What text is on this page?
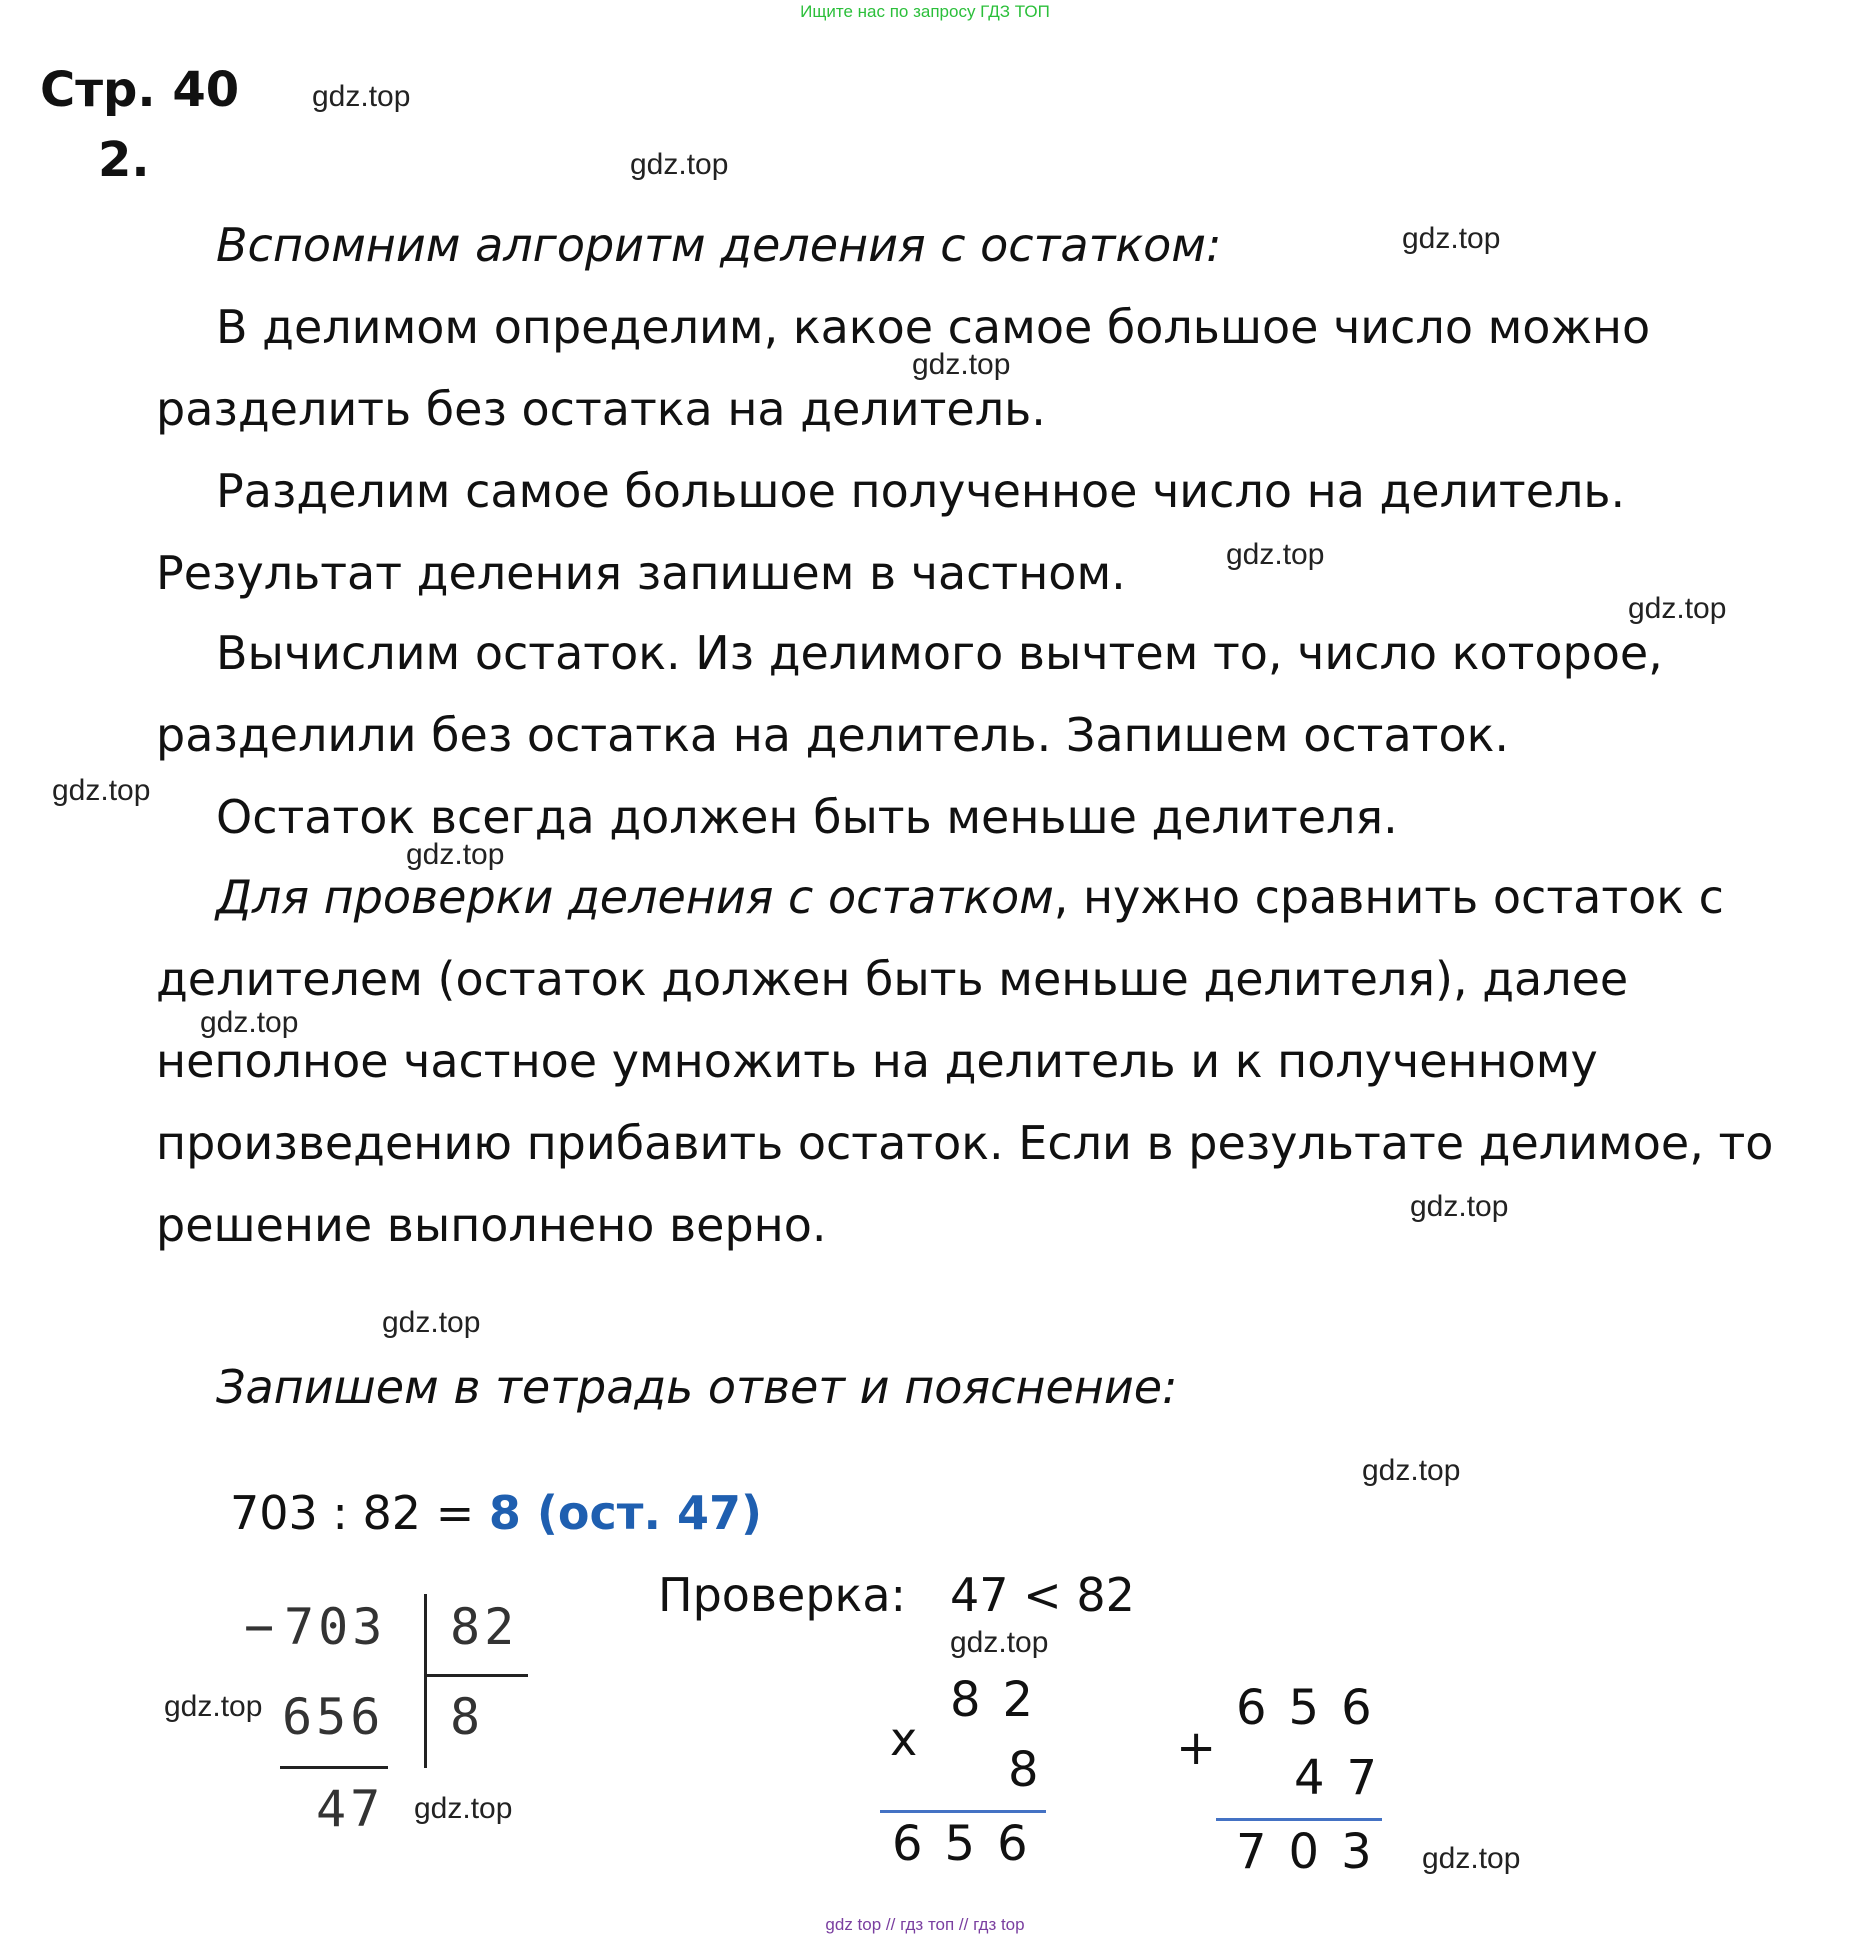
Ищите нас по запросу ГДЗ ТОП
Стр. 40 gdz.top
2.	gdz.top
Вспомним алгоритм деления с остатком:	gdz.top
В делимом определим, какое самое большое число можно
gdz.top
разделить без остатка на делитель.
Разделим самое большое полученное число на делитель.
Результат деления запишем в частном.	gdz.top
gdz.top
Вычислим остаток. Из делимого вычтем то, число которое,
разделили без остатка на делитель. Запишем остаток.
gdz.top Остаток всегда должен быть меньше делителя.
gdz.top
Для проверки деления с остатком, нужно сравнить остаток с
делителем (остаток должен быть меньше делителя), далее
gdz.top
неполное частное умножить на делитель и к полученному
произведению прибавить остаток. Если в результате делимое, то
gdz.top
решение выполнено верно.
gdz.top
Запишем в тетрадь ответ и пояснение:
gdz.top
703 : 82 = 8 (ост. 47)
− 703 82
gdz.top 656 8
47 gdz.top
Проверка: 47 < 82
gdz.top
x
82
8
656
+
656
47
703 gdz.top
gdz top // гдз топ // гдз top
